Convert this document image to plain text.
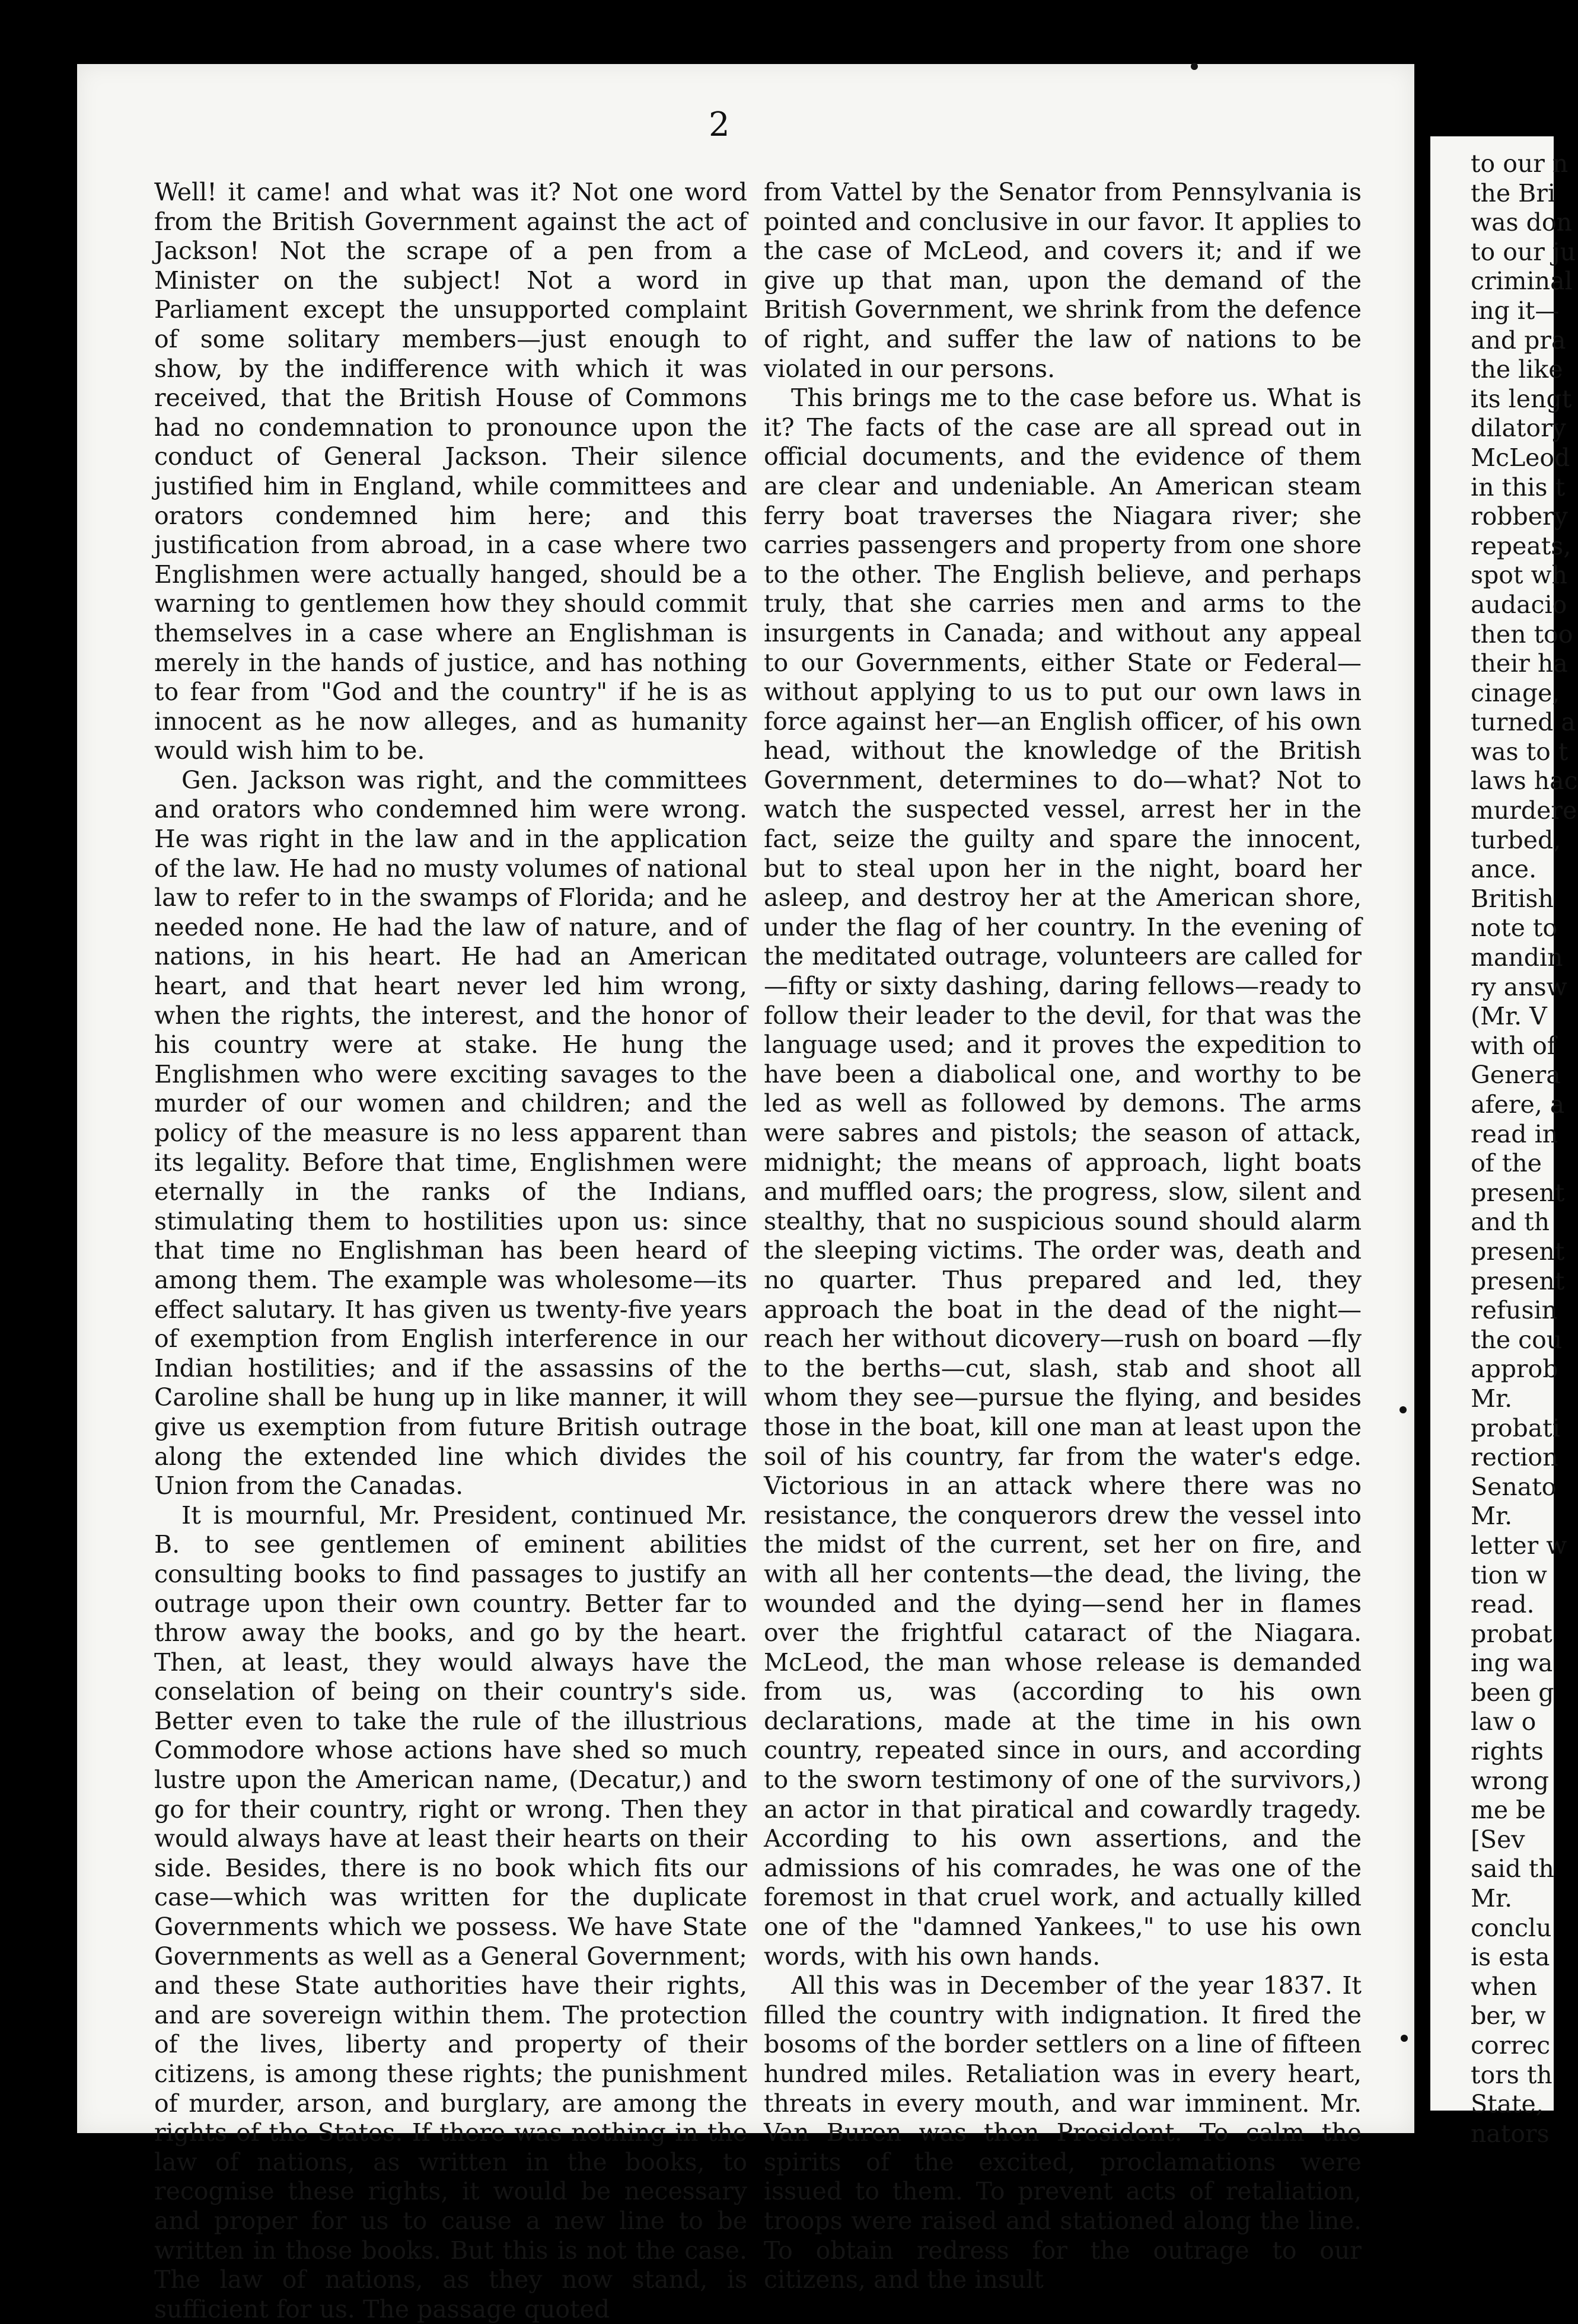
to our n
the Bri
was don
to our ju
criminal
ing it—
and pra
the like
its lengt
dilatory
McLeod
in this t
robbery
repeats,
spot wh
audacio
then too
their ha
cinage,
turned a
was to t
laws hac
murdere
turbed,
ance.
British
note to
mandin
ry answ
(Mr. V
with of
Genera
afere, a
read in
of the
present
and th
present
present
refusin
the cou
approb
Mr.
probati
rection
Senato
Mr.
letter w
tion w
read.
probat
ing wa
been g
law o
rights
wrong
me be
[Sev
said th
Mr.
conclu
is esta
when
ber, w
correc
tors th
State,
nators
2

Well! it came! and what was it? Not one word from the British Government against the act of Jackson! Not the scrape of a pen from a Minister on the subject! Not a word in Parliament except the unsupported complaint of some solitary members—just enough to show, by the indifference with which it was received, that the British House of Commons had no condemnation to pronounce upon the conduct of General Jackson. Their silence justified him in England, while committees and orators condemned him here; and this justification from abroad, in a case where two Englishmen were actually hanged, should be a warning to gentlemen how they should commit themselves in a case where an Englishman is merely in the hands of justice, and has nothing to fear from "God and the country" if he is as innocent as he now alleges, and as humanity would wish him to be.

Gen. Jackson was right, and the committees and orators who condemned him were wrong. He was right in the law and in the application of the law. He had no musty volumes of national law to refer to in the swamps of Florida; and he needed none. He had the law of nature, and of nations, in his heart. He had an American heart, and that heart never led him wrong, when the rights, the interest, and the honor of his country were at stake. He hung the Englishmen who were exciting savages to the murder of our women and children; and the policy of the measure is no less apparent than its legality. Before that time, Englishmen were eternally in the ranks of the Indians, stimulating them to hostilities upon us: since that time no Englishman has been heard of among them. The example was wholesome—its effect salutary. It has given us twenty-five years of exemption from English interference in our Indian hostilities; and if the assassins of the Caroline shall be hung up in like manner, it will give us exemption from future British outrage along the extended line which divides the Union from the Canadas.

It is mournful, Mr. President, continued Mr. B. to see gentlemen of eminent abilities consulting books to find passages to justify an outrage upon their own country. Better far to throw away the books, and go by the heart. Then, at least, they would always have the conselation of being on their country's side. Better even to take the rule of the illustrious Commodore whose actions have shed so much lustre upon the American name, (Decatur,) and go for their country, right or wrong. Then they would always have at least their hearts on their side. Besides, there is no book which fits our case—which was written for the duplicate Governments which we possess. We have State Governments as well as a General Government; and these State authorities have their rights, and are sovereign within them. The protection of the lives, liberty and property of their citizens, is among these rights; the punishment of murder, arson, and burglary, are among the rights of the States. If there was nothing in the law of nations, as written in the books, to recognise these rights, it would be necessary and proper for us to cause a new line to be written in those books. But this is not the case. The law of nations, as they now stand, is sufficient for us. The passage quoted

from Vattel by the Senator from Pennsylvania is pointed and conclusive in our favor. It applies to the case of McLeod, and covers it; and if we give up that man, upon the demand of the British Government, we shrink from the defence of right, and suffer the law of nations to be violated in our persons.

This brings me to the case before us. What is it? The facts of the case are all spread out in official documents, and the evidence of them are clear and undeniable. An American steam ferry boat traverses the Niagara river; she carries passengers and property from one shore to the other. The English believe, and perhaps truly, that she carries men and arms to the insurgents in Canada; and without any appeal to our Governments, either State or Federal—without applying to us to put our own laws in force against her—an English officer, of his own head, without the knowledge of the British Government, determines to do—what? Not to watch the suspected vessel, arrest her in the fact, seize the guilty and spare the innocent, but to steal upon her in the night, board her asleep, and destroy her at the American shore, under the flag of her country. In the evening of the meditated outrage, volunteers are called for—fifty or sixty dashing, daring fellows—ready to follow their leader to the devil, for that was the language used; and it proves the expedition to have been a diabolical one, and worthy to be led as well as followed by demons. The arms were sabres and pistols; the season of attack, midnight; the means of approach, light boats and muffled oars; the progress, slow, silent and stealthy, that no suspicious sound should alarm the sleeping victims. The order was, death and no quarter. Thus prepared and led, they approach the boat in the dead of the night—reach her without dicovery—rush on board —fly to the berths—cut, slash, stab and shoot all whom they see—pursue the flying, and besides those in the boat, kill one man at least upon the soil of his country, far from the water's edge. Victorious in an attack where there was no resistance, the conquerors drew the vessel into the midst of the current, set her on fire, and with all her contents—the dead, the living, the wounded and the dying—send her in flames over the frightful cataract of the Niagara. McLeod, the man whose release is demanded from us, was (according to his own declarations, made at the time in his own country, repeated since in ours, and according to the sworn testimony of one of the survivors,) an actor in that piratical and cowardly tragedy. According to his own assertions, and the admissions of his comrades, he was one of the foremost in that cruel work, and actually killed one of the "damned Yankees," to use his own words, with his own hands.

All this was in December of the year 1837. It filled the country with indignation. It fired the bosoms of the border settlers on a line of fifteen hundred miles. Retaliation was in every heart, threats in every mouth, and war imminent. Mr. Van Buren was then President. To calm the spirits of the excited, proclamations were issued to them. To prevent acts of retaliation, troops were raised and stationed along the line. To obtain redress for the outrage to our citizens, and the insult
